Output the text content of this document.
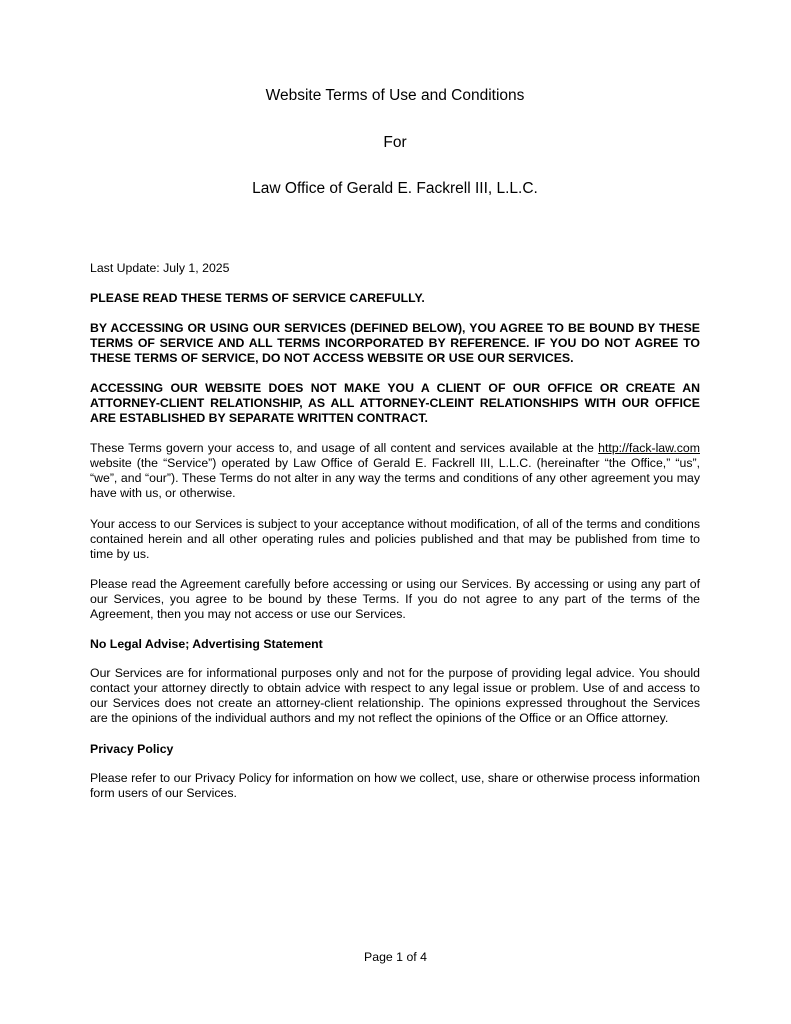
Website Terms of Use and Conditions
For
Law Office of Gerald E. Fackrell III, L.L.C.
Last Update: July 1, 2025

PLEASE READ THESE TERMS OF SERVICE CAREFULLY.

BY ACCESSING OR USING OUR SERVICES (DEFINED BELOW), YOU AGREE TO BE BOUND BY THESE TERMS OF SERVICE AND ALL TERMS INCORPORATED BY REFERENCE. IF YOU DO NOT AGREE TO THESE TERMS OF SERVICE, DO NOT ACCESS WEBSITE OR USE OUR SERVICES.

ACCESSING OUR WEBSITE DOES NOT MAKE YOU A CLIENT OF OUR OFFICE OR CREATE AN ATTORNEY-CLIENT RELATIONSHIP, AS ALL ATTORNEY-CLEINT RELATIONSHIPS WITH OUR OFFICE ARE ESTABLISHED BY SEPARATE WRITTEN CONTRACT.

These Terms govern your access to, and usage of all content and services available at the http://fack-law.com website (the “Service”) operated by Law Office of Gerald E. Fackrell III, L.L.C. (hereinafter “the Office,” “us”, “we”, and “our”). These Terms do not alter in any way the terms and conditions of any other agreement you may have with us, or otherwise.

Your access to our Services is subject to your acceptance without modification, of all of the terms and conditions contained herein and all other operating rules and policies published and that may be published from time to time by us.

Please read the Agreement carefully before accessing or using our Services. By accessing or using any part of our Services, you agree to be bound by these Terms. If you do not agree to any part of the terms of the Agreement, then you may not access or use our Services.

No Legal Advise; Advertising Statement

Our Services are for informational purposes only and not for the purpose of providing legal advice. You should contact your attorney directly to obtain advice with respect to any legal issue or problem. Use of and access to our Services does not create an attorney-client relationship. The opinions expressed throughout the Services are the opinions of the individual authors and my not reflect the opinions of the Office or an Office attorney.

Privacy Policy

Please refer to our Privacy Policy for information on how we collect, use, share or otherwise process information form users of our Services.

Page 1 of 4
